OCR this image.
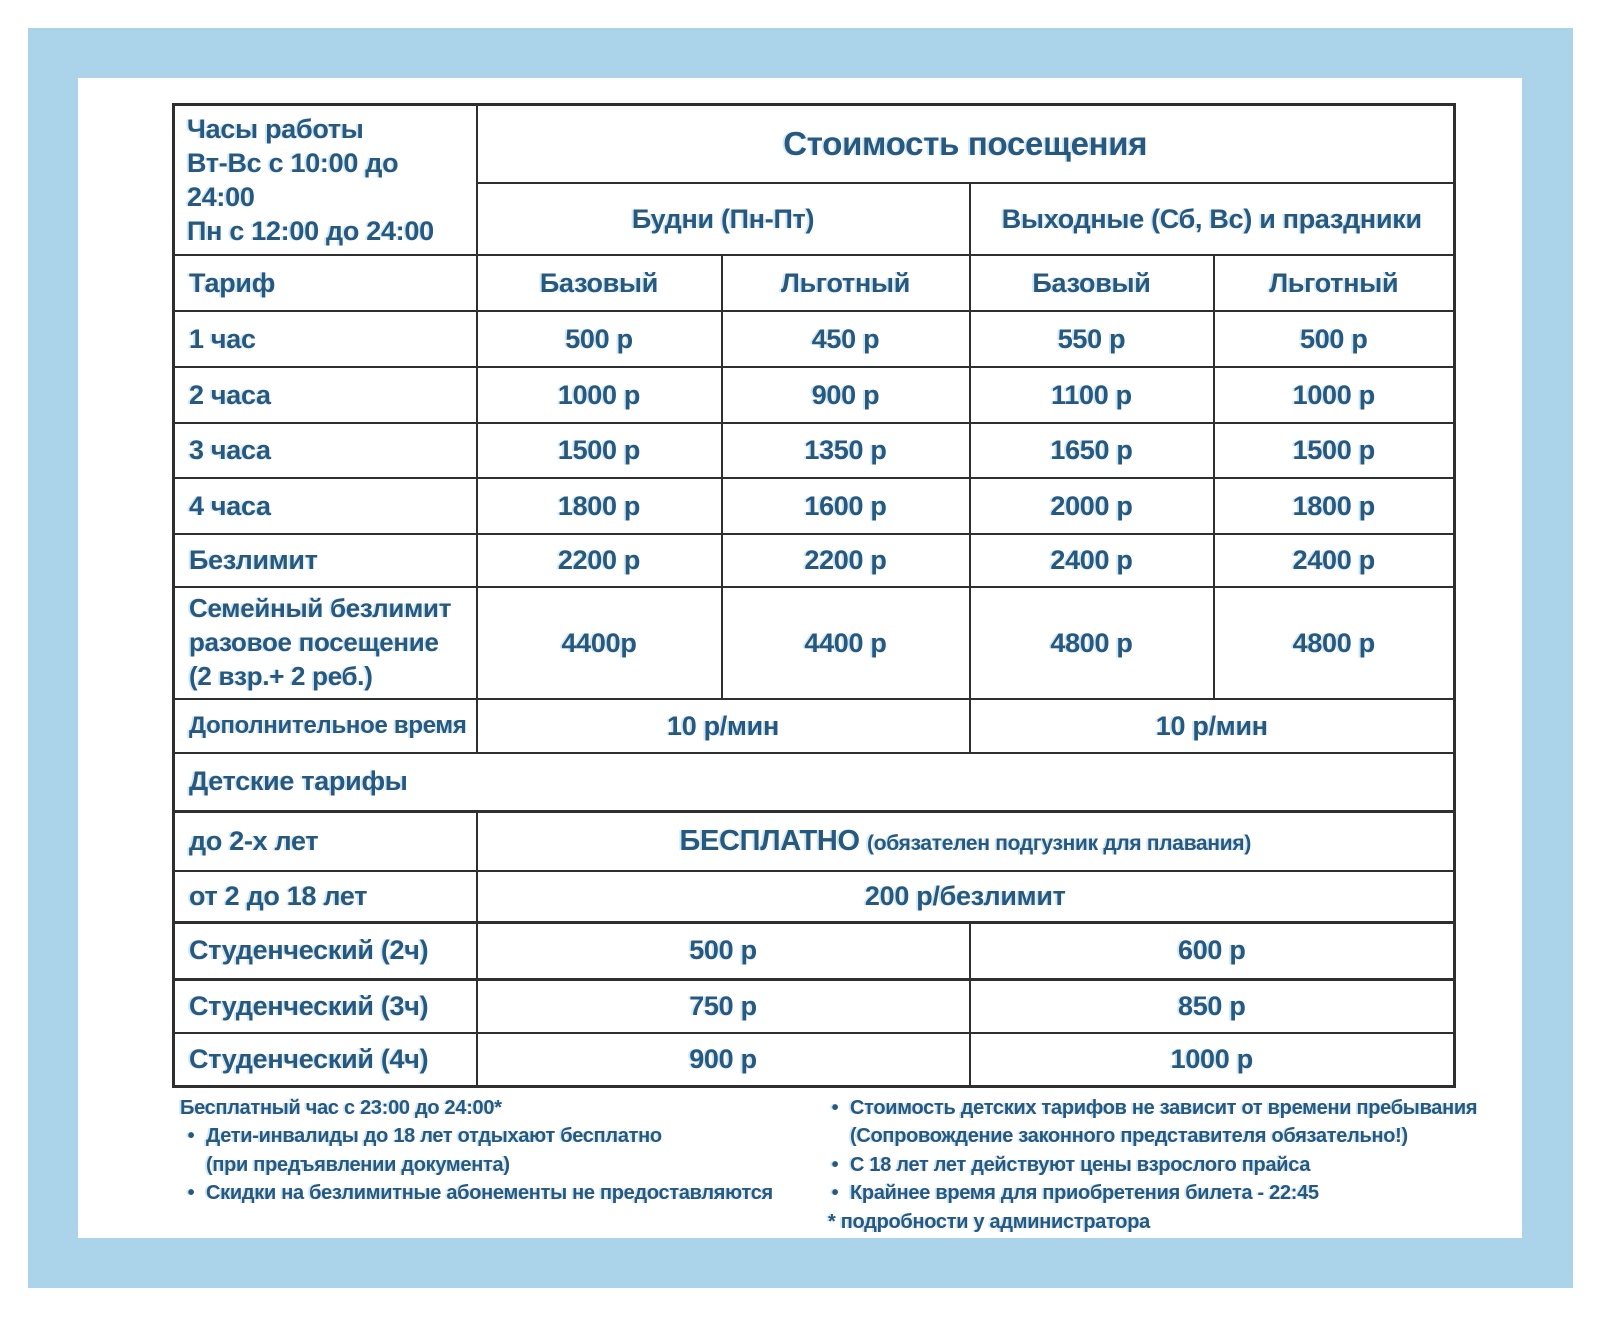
Часы работы
Вт-Вс с 10:00 до 24:00
Пн с 12:00 до 24:00	Стоимость посещения			
	Будни (Пн-Пт)		Выходные (Сб, Вс) и праздники	
Тариф	Базовый	Льготный	Базовый	Льготный
1 час	500 р	450 р	550 р	500 р
2 часа	1000 р	900 р	1100 р	1000 р
3 часа	1500 р	1350 р	1650 р	1500 р
4 часа	1800 р	1600 р	2000 р	1800 р
Безлимит	2200 р	2200 р	2400 р	2400 р

Семейный безлимит
разовое посещение
(2 взр.+ 2 реб.)	4400р	4400 р	4800 р	4800 р
Дополнительное время	10 р/мин		10 р/мин	
Детские тарифы				
до 2-х лет	БЕСПЛАТНО (обязателен подгузник для плавания)			
от 2 до 18 лет	200 р/безлимит			
Студенческий (2ч)	500 р		600 р	
Студенческий (3ч)	750 р		850 р	
Студенческий (4ч)	900 р		1000 р	
Бесплатный час с 23:00 до 24:00*
• Дети-инвалиды до 18 лет отдыхают бесплатно
(при предъявлении документа)
• Скидки на безлимитные абонементы не предоставляются
• Стоимость детских тарифов не зависит от времени пребывания
(Сопровождение законного представителя обязательно!)
• С 18 лет лет действуют цены взрослого прайса
• Крайнее время для приобретения билета - 22:45
* подробности у администратора
